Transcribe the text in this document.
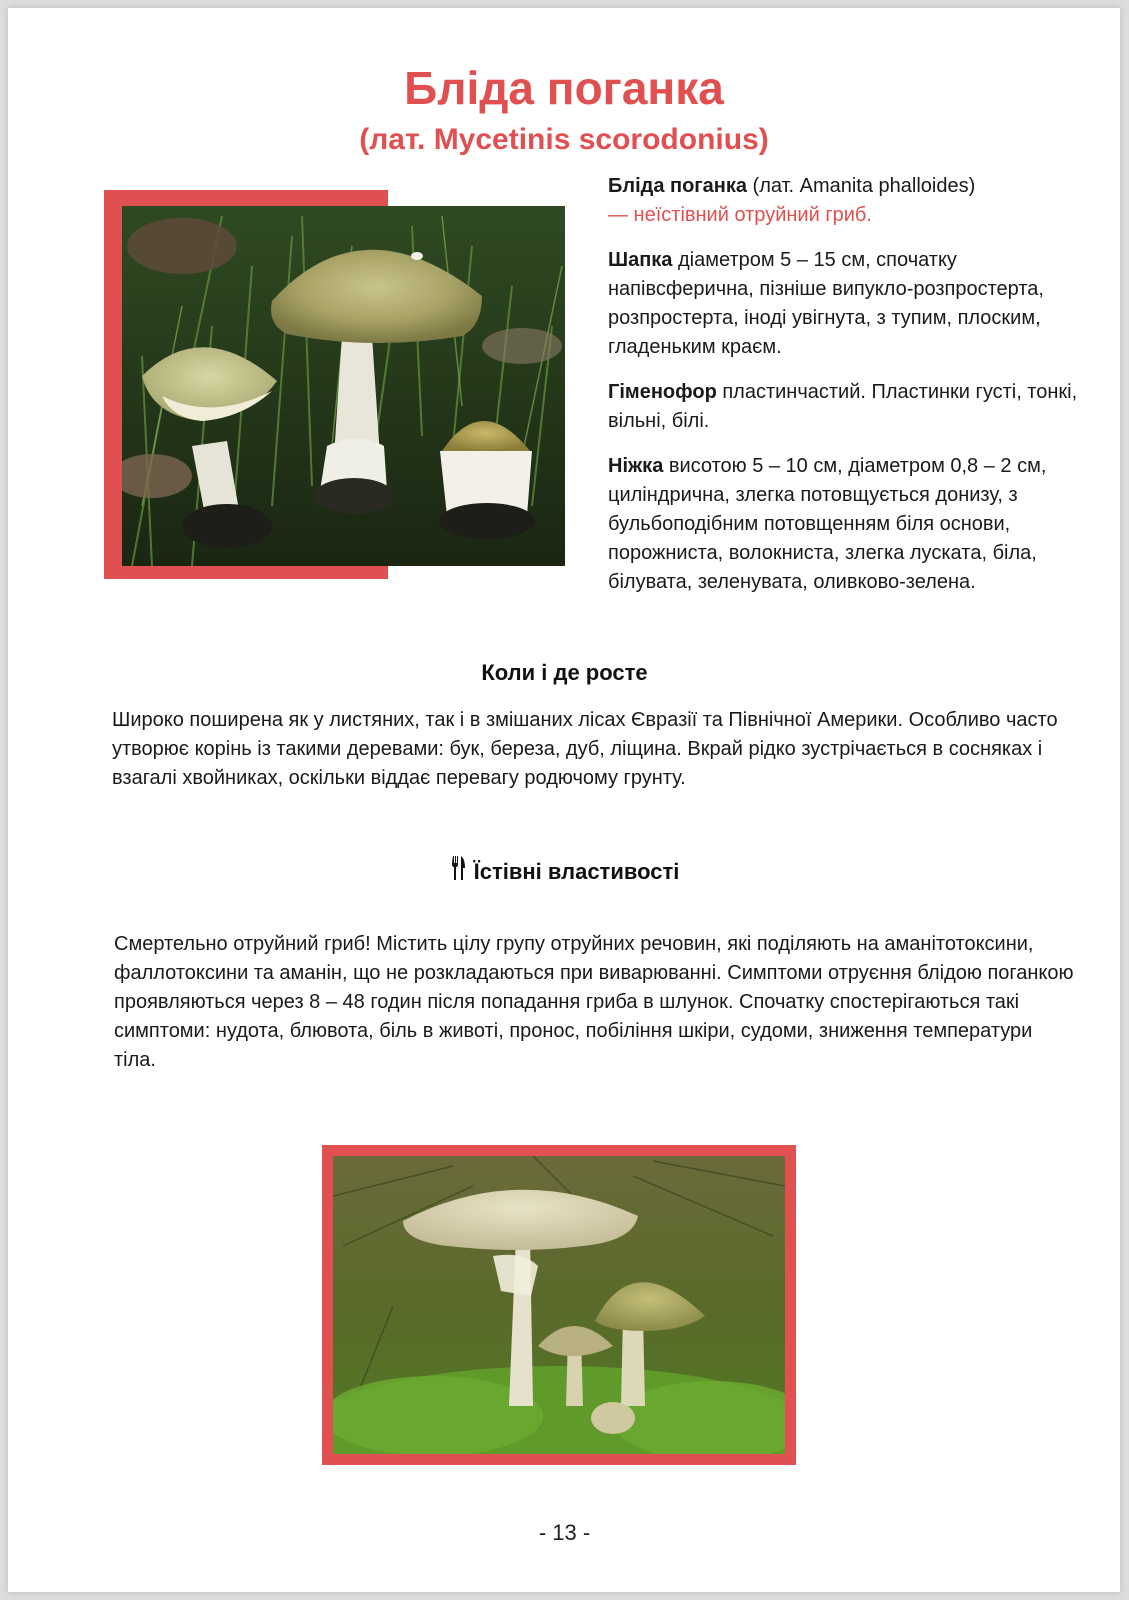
Бліда поганка
(лат. Mycetinis scorodonius)

Бліда поганка (лат. Amanita phalloides)
— неїстівний отруйний гриб.

Шапка діаметром 5 – 15 см, спочатку напівсферична, пізніше випукло-розпростерта, розпростерта, іноді увігнута, з тупим, плоским, гладеньким краєм.

Гіменофор пластинчастий. Пластинки густі, тонкі, вільні, білі.

Ніжка висотою 5 – 10 см, діаметром 0,8 – 2 см, циліндрична, злегка потовщується донизу, з бульбоподібним потовщенням біля основи, порожниста, волокниста, злегка лускатa, біла, білувата, зеленувата, оливково-зелена.

Коли і де росте

Широко поширена як у листяних, так і в змішаних лісах Євразії та Північної Америки. Особливо часто утворює корінь із такими деревами: бук, береза, дуб, ліщина. Вкрай рідко зустрічається в сосняках і взагалі хвойниках, оскільки віддає перевагу родючому грунту.

Їстівні властивості

Смертельно отруйний гриб! Містить цілу групу отруйних речовин, які поділяють на аманітотоксини, фаллотоксини та аманін, що не розкладаються при виварюванні. Симптоми отруєння блідою поганкою проявляються через 8 – 48 годин після попадання гриба в шлунок. Спочатку спостерігаються такі симптоми: нудота, блювота, біль в животі, пронос, побіління шкіри, судоми, зниження температури тіла.

- 13 -
